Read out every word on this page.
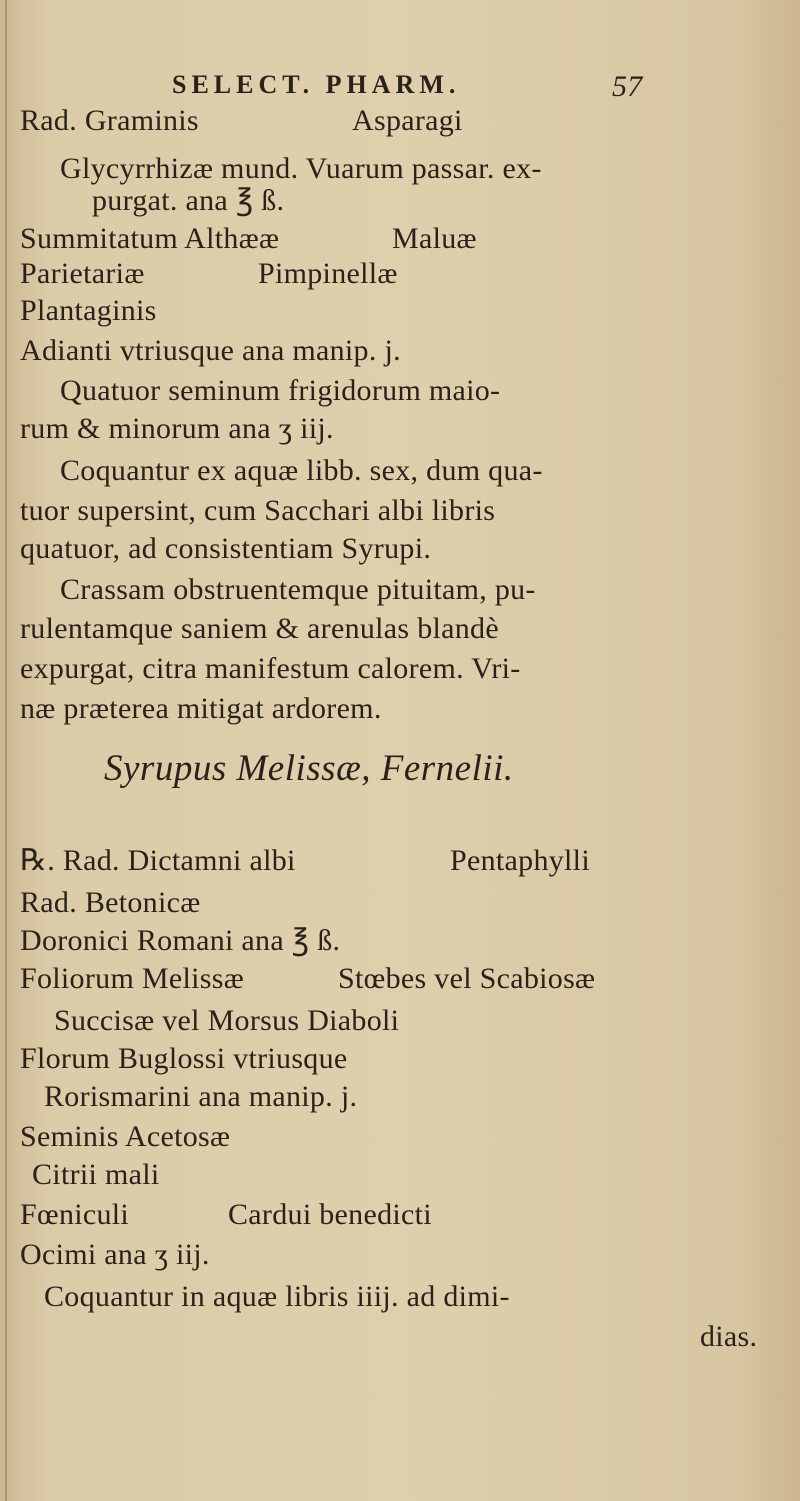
SELECT. PHARM.	57
Rad. Graminis	Asparagi
Glycyrrhizæ mund. Vuarum passar. ex-
purgat. ana ℥ ß.
Summitatum Althææ	Maluæ
Parietariæ	Pimpinellæ
Plantaginis
Adianti vtriusque ana manip. j.
Quatuor seminum frigidorum maio-
rum & minorum ana ʒ iij.
Coquantur ex aquæ libb. sex, dum qua-
tuor supersint, cum Sacchari albi libris
quatuor, ad consistentiam Syrupi.
Crassam obstruentemque pituitam, pu-
rulentamque saniem & arenulas blandè
expurgat, citra manifestum calorem. Vri-
næ præterea mitigat ardorem.
Syrupus Melissæ, Fernelii.
℞. Rad. Dictamni albi	Pentaphylli
Rad. Betonicæ
Doronici Romani ana ℥ ß.
Foliorum Melissæ	Stœbes vel Scabiosæ
Succisæ vel Morsus Diaboli
Florum Buglossi vtriusque
Rorismarini ana manip. j.
Seminis Acetosæ
Citrii mali
Fœniculi	Cardui benedicti
Ocimi ana ʒ iij.
Coquantur in aquæ libris iiij. ad dimi-
dias.
